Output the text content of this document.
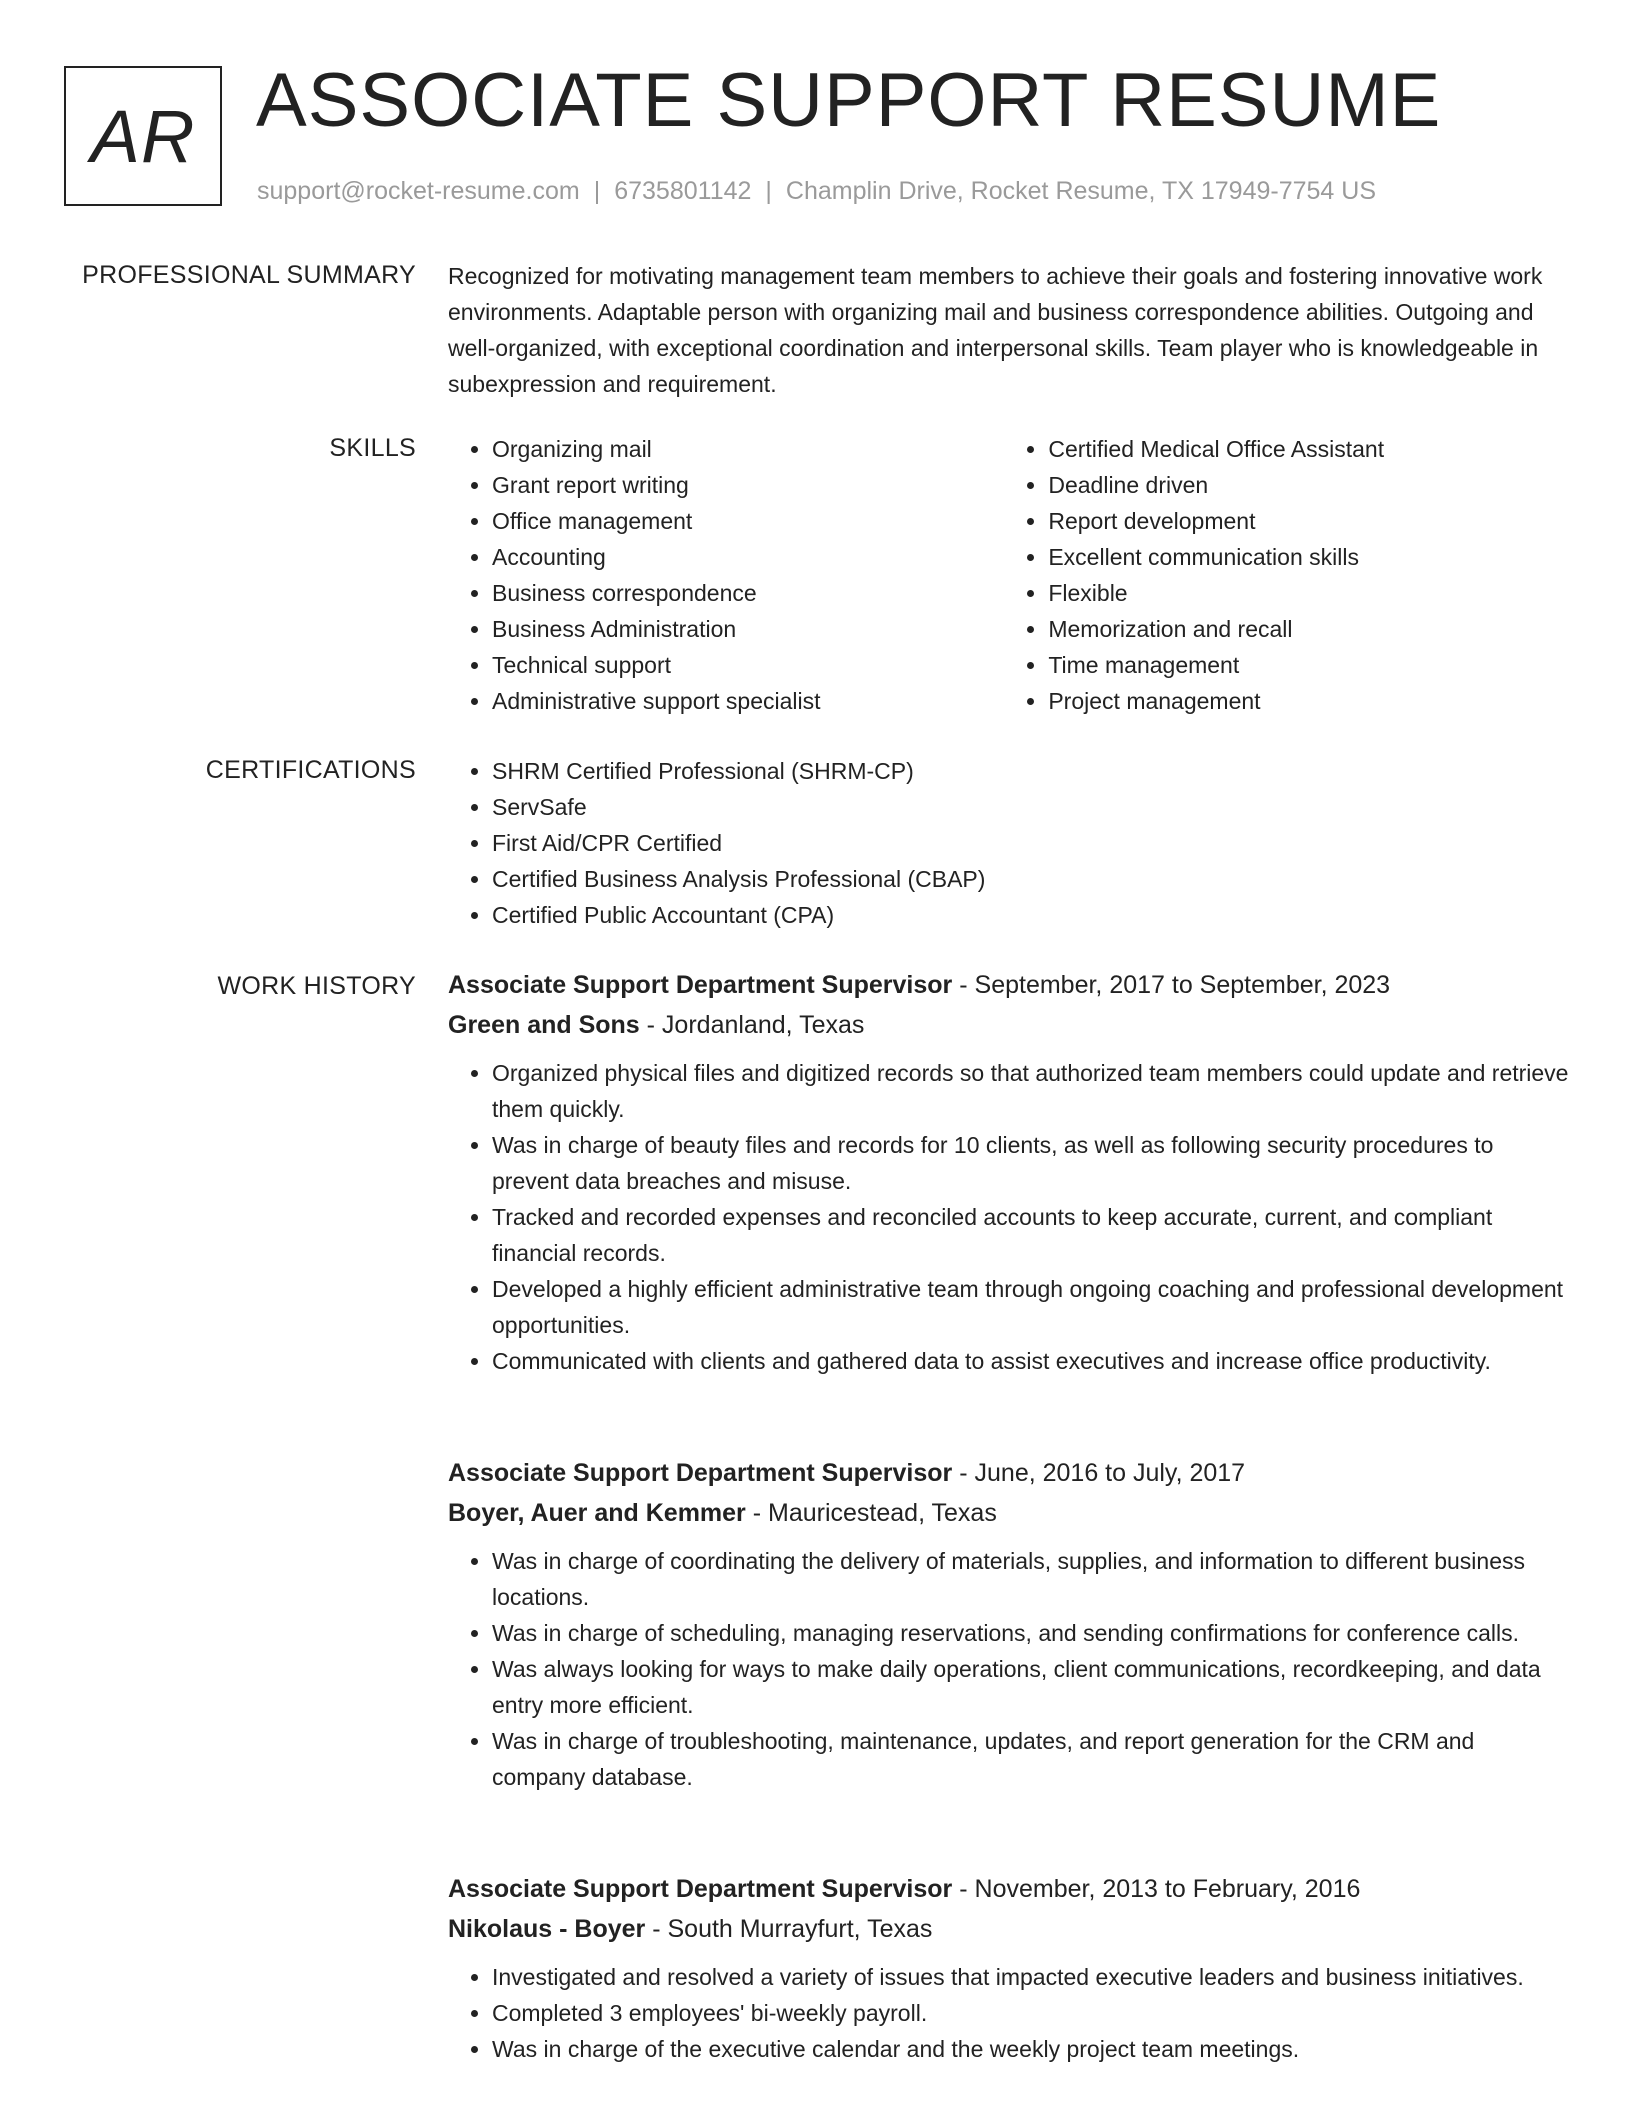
AR ASSOCIATE SUPPORT RESUME
support@rocket-resume.com | 6735801142 | Champlin Drive, Rocket Resume, TX 17949-7754 US
PROFESSIONAL SUMMARY Recognized for motivating management team members to achieve their goals and fostering innovative work environments. Adaptable person with organizing mail and business correspondence abilities. Outgoing and well-organized, with exceptional coordination and interpersonal skills. Team player who is knowledgeable in subexpression and requirement.

SKILLS	• Organizing mail
• Grant report writing
• Office management
• Accounting
• Business correspondence
• Business Administration
• Technical support
• Administrative support specialist
• Certified Medical Office Assistant
• Deadline driven
• Report development
• Excellent communication skills
• Flexible
• Memorization and recall
• Time management
• Project management
CERTIFICATIONS	• SHRM Certified Professional (SHRM-CP)
• ServSafe
• First Aid/CPR Certified
• Certified Business Analysis Professional (CBAP)
• Certified Public Accountant (CPA)
WORK HISTORY Associate Support Department Supervisor - September, 2017 to September, 2023
Green and Sons - Jordanland, Texas
• Organized physical files and digitized records so that authorized team members could update and retrieve them quickly.
• Was in charge of beauty files and records for 10 clients, as well as following security procedures to prevent data breaches and misuse.
• Tracked and recorded expenses and reconciled accounts to keep accurate, current, and compliant financial records.
• Developed a highly efficient administrative team through ongoing coaching and professional development opportunities.
• Communicated with clients and gathered data to assist executives and increase office productivity.
Associate Support Department Supervisor - June, 2016 to July, 2017
Boyer, Auer and Kemmer - Mauricestead, Texas
• Was in charge of coordinating the delivery of materials, supplies, and information to different business locations.
• Was in charge of scheduling, managing reservations, and sending confirmations for conference calls.
• Was always looking for ways to make daily operations, client communications, recordkeeping, and data entry more efficient.
• Was in charge of troubleshooting, maintenance, updates, and report generation for the CRM and company database.
Associate Support Department Supervisor - November, 2013 to February, 2016
Nikolaus - Boyer - South Murrayfurt, Texas
• Investigated and resolved a variety of issues that impacted executive leaders and business initiatives.
• Completed 3 employees' bi-weekly payroll.
• Was in charge of the executive calendar and the weekly project team meetings.
